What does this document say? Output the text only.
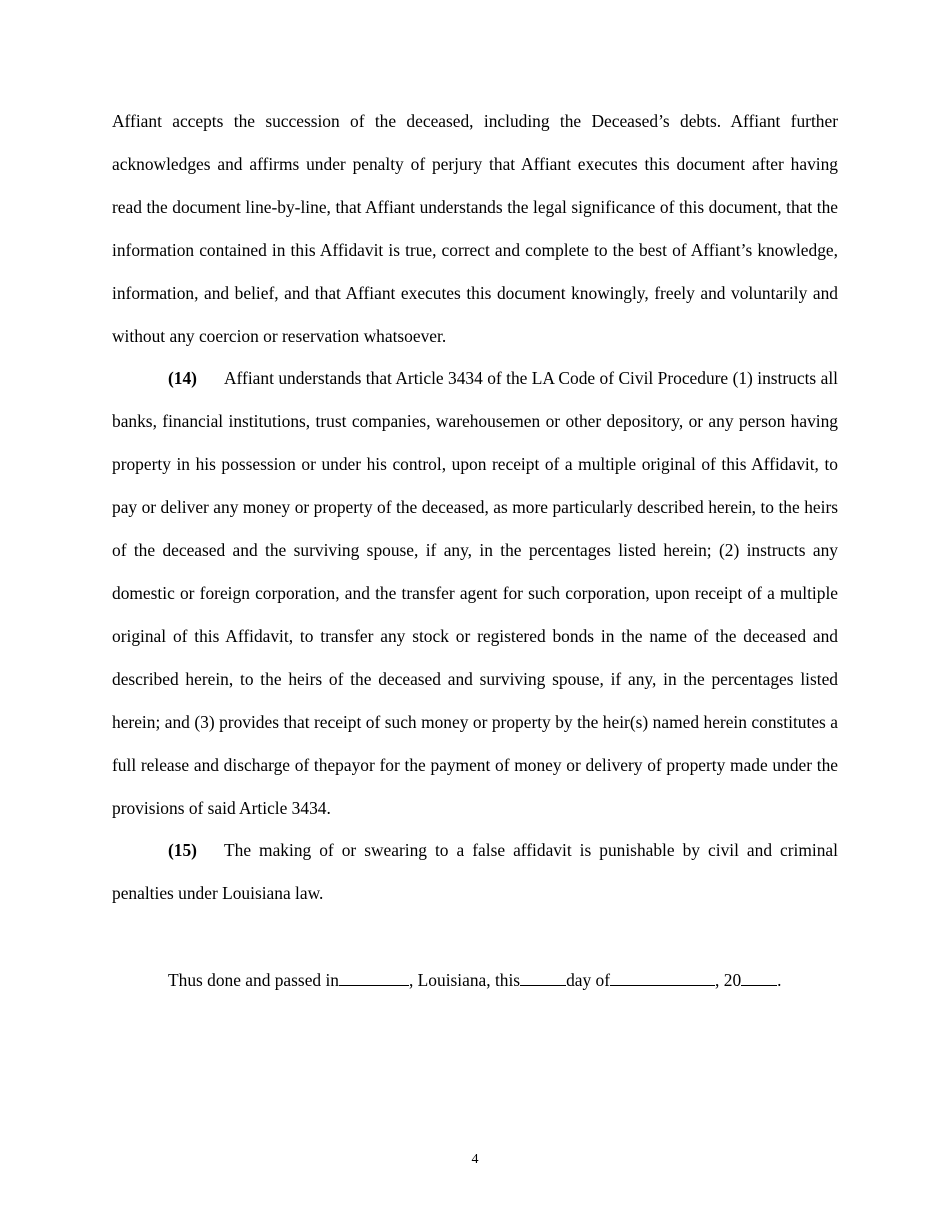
Affiant accepts the succession of the deceased, including the Deceased’s debts. Affiant further acknowledges and affirms under penalty of perjury that Affiant executes this document after having read the document line-by-line, that Affiant understands the legal significance of this document, that the information contained in this Affidavit is true, correct and complete to the best of Affiant’s knowledge, information, and belief, and that Affiant executes this document knowingly, freely and voluntarily and without any coercion or reservation whatsoever.

(14) Affiant understands that Article 3434 of the LA Code of Civil Procedure (1) instructs all banks, financial institutions, trust companies, warehousemen or other depository, or any person having property in his possession or under his control, upon receipt of a multiple original of this Affidavit, to pay or deliver any money or property of the deceased, as more particularly described herein, to the heirs of the deceased and the surviving spouse, if any, in the percentages listed herein; (2) instructs any domestic or foreign corporation, and the transfer agent for such corporation, upon receipt of a multiple original of this Affidavit, to transfer any stock or registered bonds in the name of the deceased and described herein, to the heirs of the deceased and surviving spouse, if any, in the percentages listed herein; and (3) provides that receipt of such money or property by the heir(s) named herein constitutes a full release and discharge of thepayor for the payment of money or delivery of property made under the provisions of said Article 3434.

(15) The making of or swearing to a false affidavit is punishable by civil and criminal penalties under Louisiana law.

Thus done and passed in	, Louisiana, this	day of	, 20 .
4
